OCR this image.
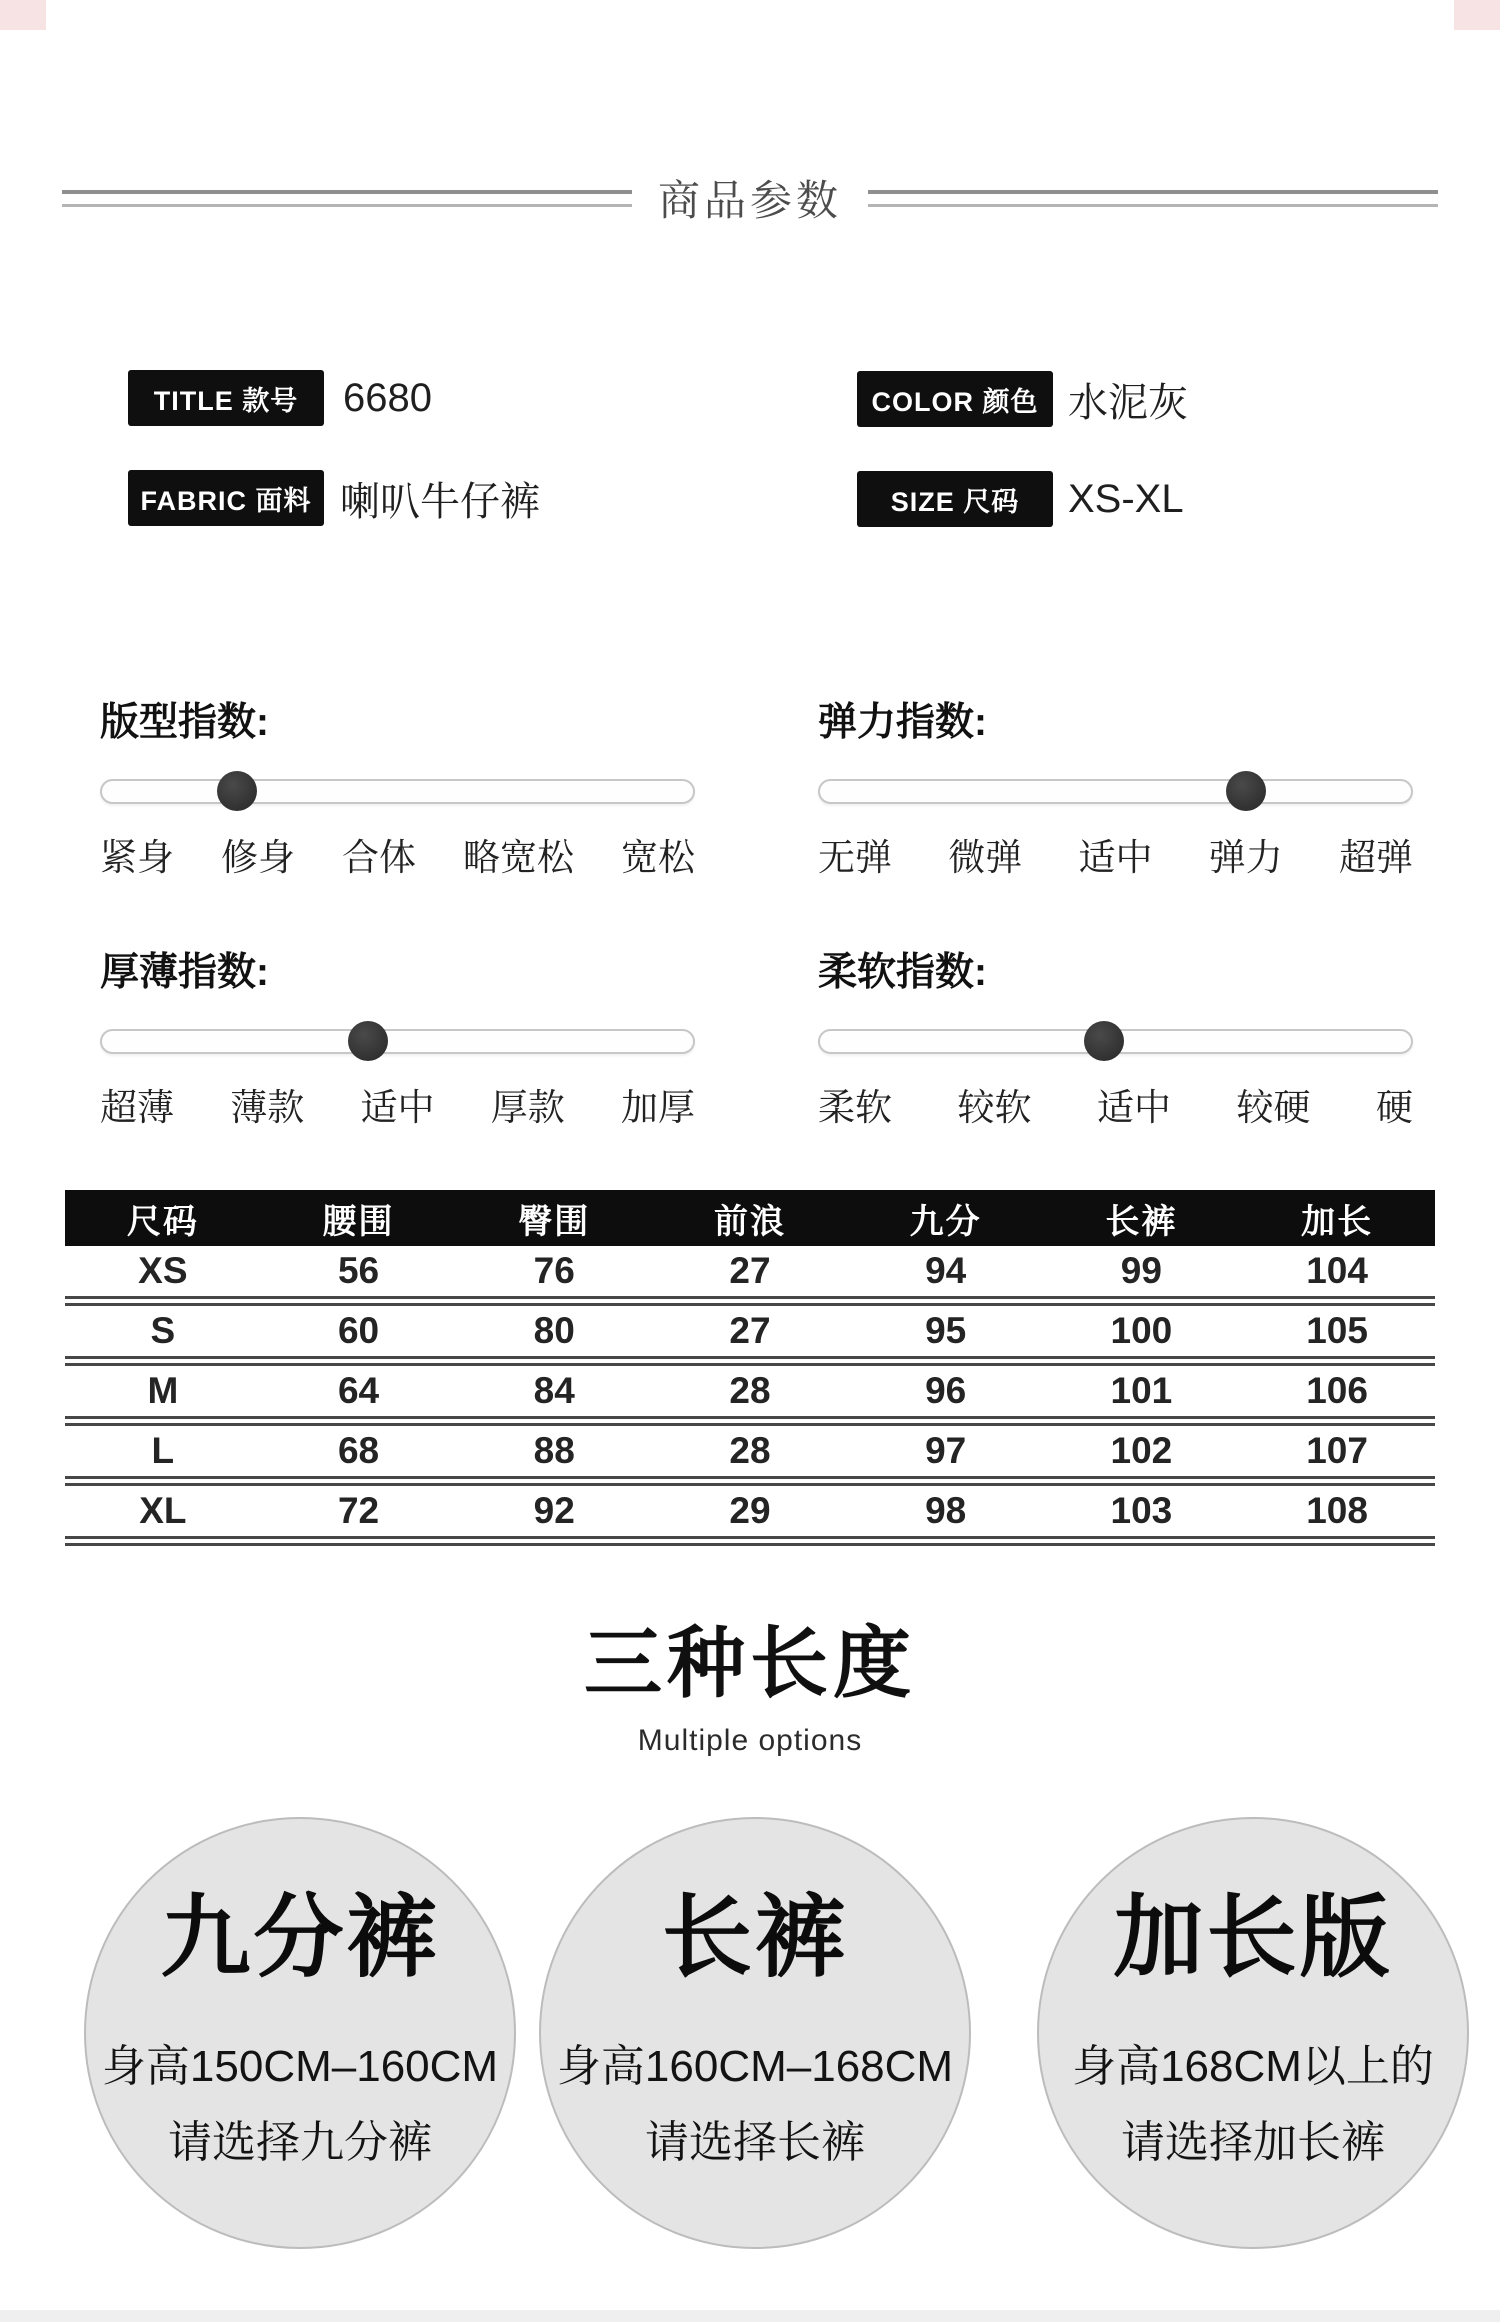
商品参数
TITLE 款号	6680
FABRIC 面料 喇叭牛仔裤
COLOR 颜色 水泥灰
SIZE 尺码	XS-XL
版型指数:
紧身 修身 合体 略宽松 宽松
弹力指数:
无弹 微弹 适中 弹力 超弹
厚薄指数:
超薄 薄款 适中 厚款 加厚
柔软指数:
柔软 较软 适中 较硬 硬
尺码	腰围	臀围	前浪	九分	长裤	加长
XS	56	76	27	94	99	104
S	60	80	27	95	100	105
M	64	84	28	96	101	106
L	68	88	28	97	102	107
XL	72	92	29	98	103	108
三种长度
Multiple options
九分裤
身高150CM–160CM
请选择九分裤
长裤
身高160CM–168CM
请选择长裤
加长版
身高168CM以上的
请选择加长裤
